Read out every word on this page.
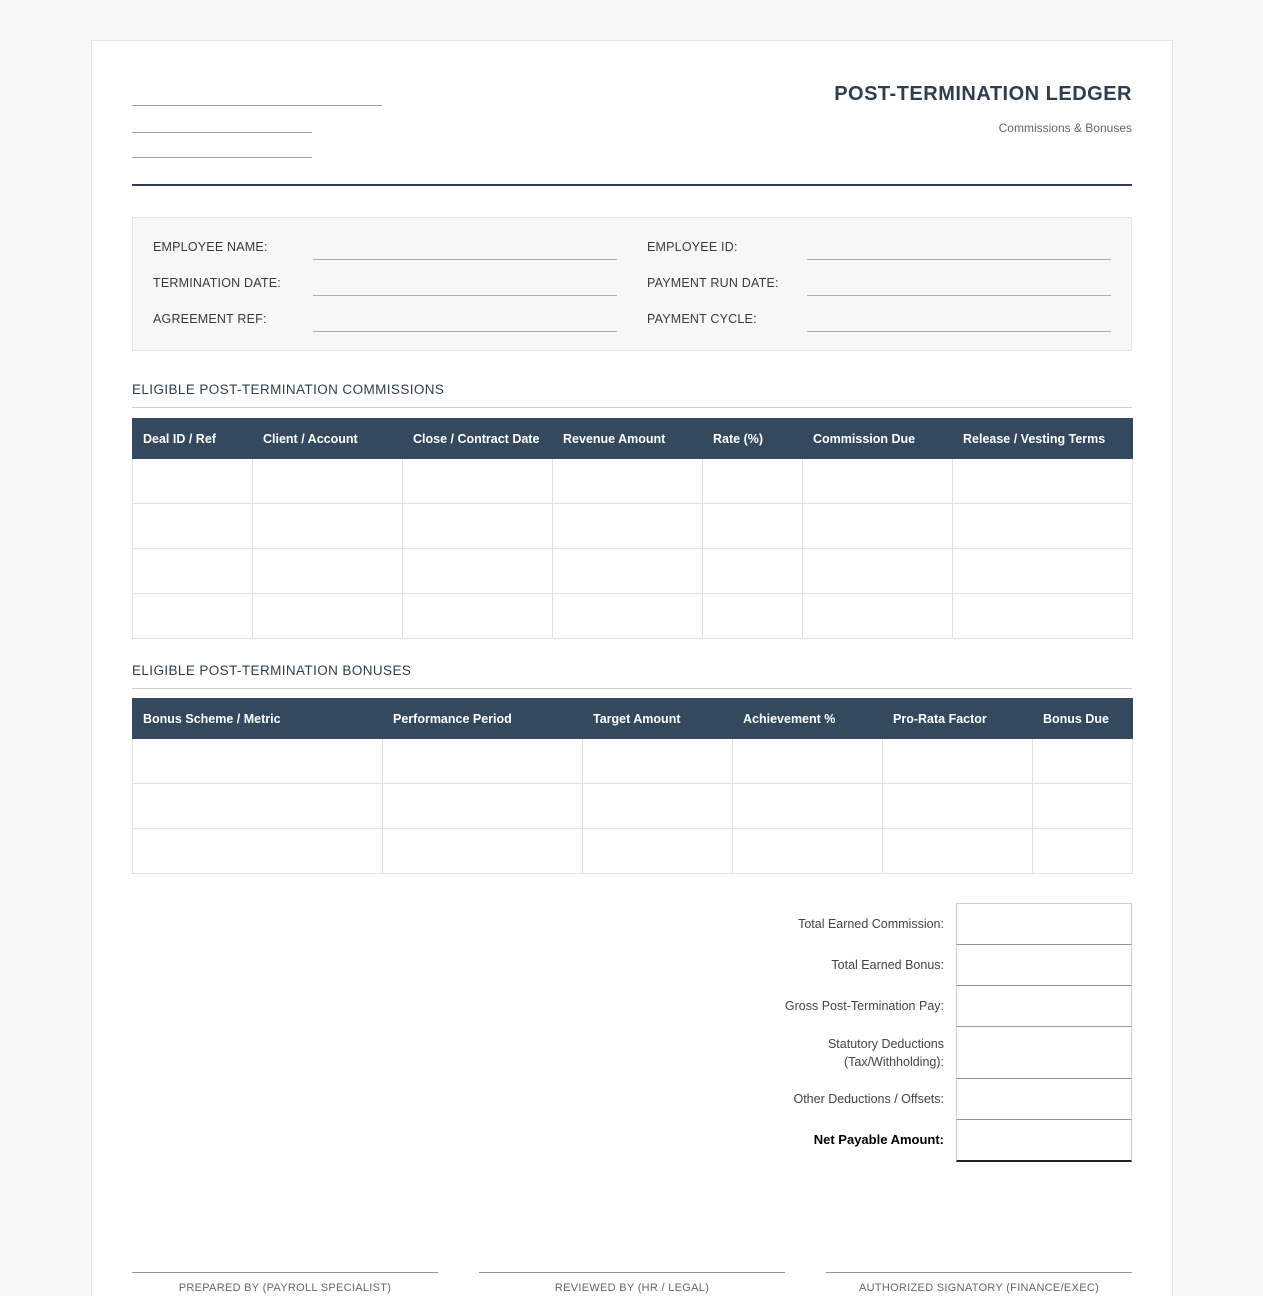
POST-TERMINATION LEDGER
Commissions & Bonuses
EMPLOYEE NAME:	EMPLOYEE ID:
TERMINATION DATE:	PAYMENT RUN DATE:
AGREEMENT REF:	PAYMENT CYCLE:
ELIGIBLE POST-TERMINATION COMMISSIONS
Deal ID / Ref	Client / Account	Close / Contract Date	Revenue Amount	Rate (%)	Commission Due	Release / Vesting Terms

ELIGIBLE POST-TERMINATION BONUSES
Bonus Scheme / Metric	Performance Period	Target Amount	Achievement %	Pro-Rata Factor	Bonus Due

Total Earned Commission:
Total Earned Bonus:
Gross Post-Termination Pay:
Statutory Deductions (Tax/Withholding):
Other Deductions / Offsets:
Net Payable Amount:
PREPARED BY (PAYROLL SPECIALIST)	REVIEWED BY (HR / LEGAL)	AUTHORIZED SIGNATORY (FINANCE/EXEC)
